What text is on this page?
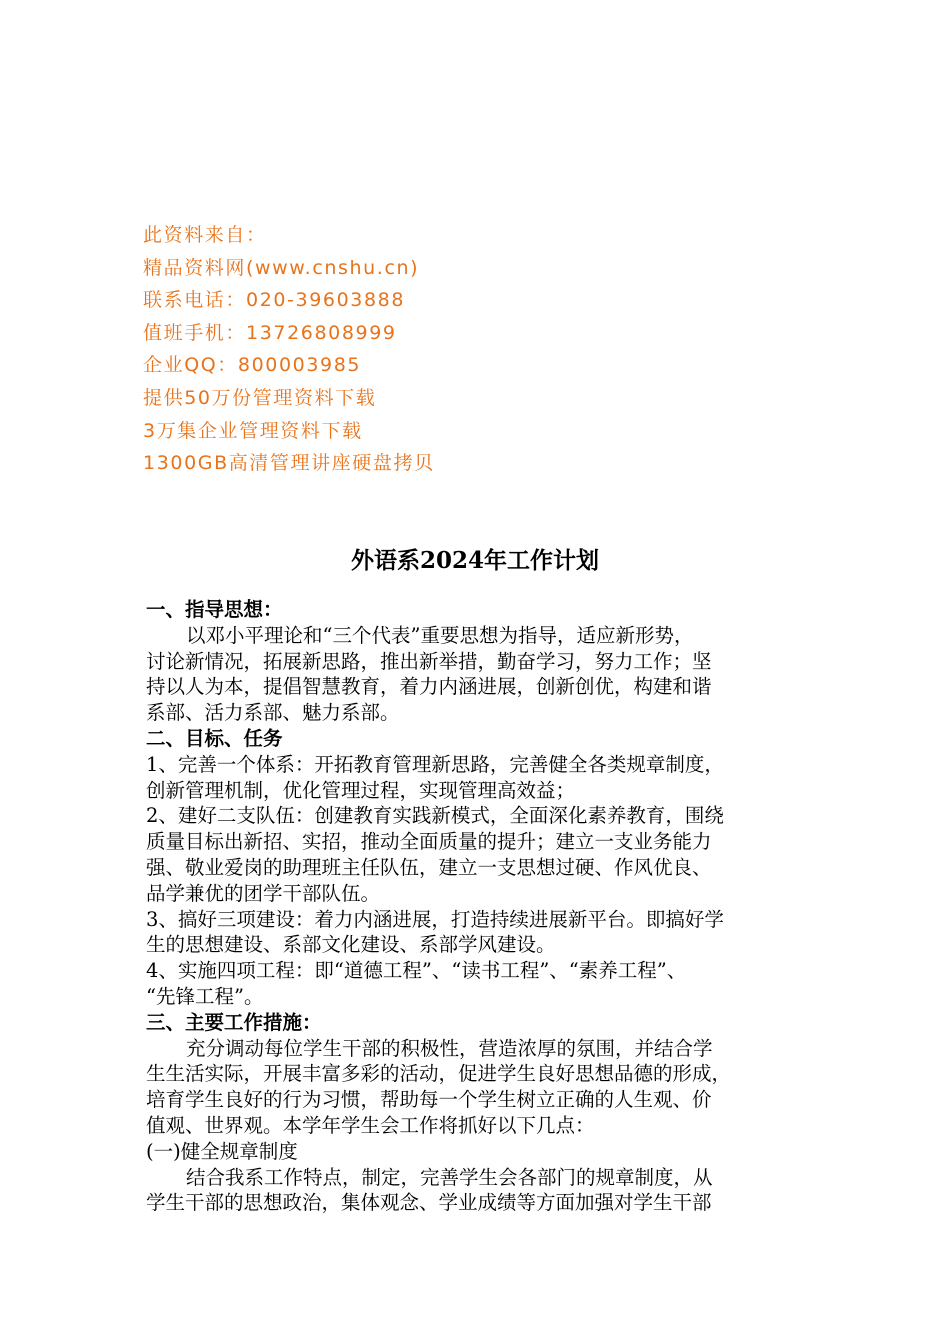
此资料来自：
精品资料网(www.cnshu.cn)
联系电话：020-39603888
值班手机：13726808999
企业QQ：800003985
提供50万份管理资料下载
3万集企业管理资料下载
1300GB高清管理讲座硬盘拷贝
外语系2024年工作计划

一、指导思想：

以邓小平理论和“三个代表”重要思想为指导，适应新形势，

讨论新情况，拓展新思路，推出新举措，勤奋学习，努力工作；坚

持以人为本，提倡智慧教育，着力内涵进展，创新创优，构建和谐

系部、活力系部、魅力系部。

二、目标、任务

1、完善一个体系：开拓教育管理新思路，完善健全各类规章制度，

创新管理机制，优化管理过程，实现管理高效益；

2、建好二支队伍：创建教育实践新模式，全面深化素养教育，围绕

质量目标出新招、实招，推动全面质量的提升；建立一支业务能力

强、敬业爱岗的助理班主任队伍，建立一支思想过硬、作风优良、

品学兼优的团学干部队伍。

3、搞好三项建设：着力内涵进展，打造持续进展新平台。即搞好学

生的思想建设、系部文化建设、系部学风建设。

4、实施四项工程：即“道德工程”、“读书工程”、“素养工程”、

“先锋工程”。

三、主要工作措施：

充分调动每位学生干部的积极性，营造浓厚的氛围，并结合学

生生活实际，开展丰富多彩的活动，促进学生良好思想品德的形成，

培育学生良好的行为习惯，帮助每一个学生树立正确的人生观、价

值观、世界观。本学年学生会工作将抓好以下几点：

(一)健全规章制度

结合我系工作特点，制定，完善学生会各部门的规章制度，从

学生干部的思想政治，集体观念、学业成绩等方面加强对学生干部
